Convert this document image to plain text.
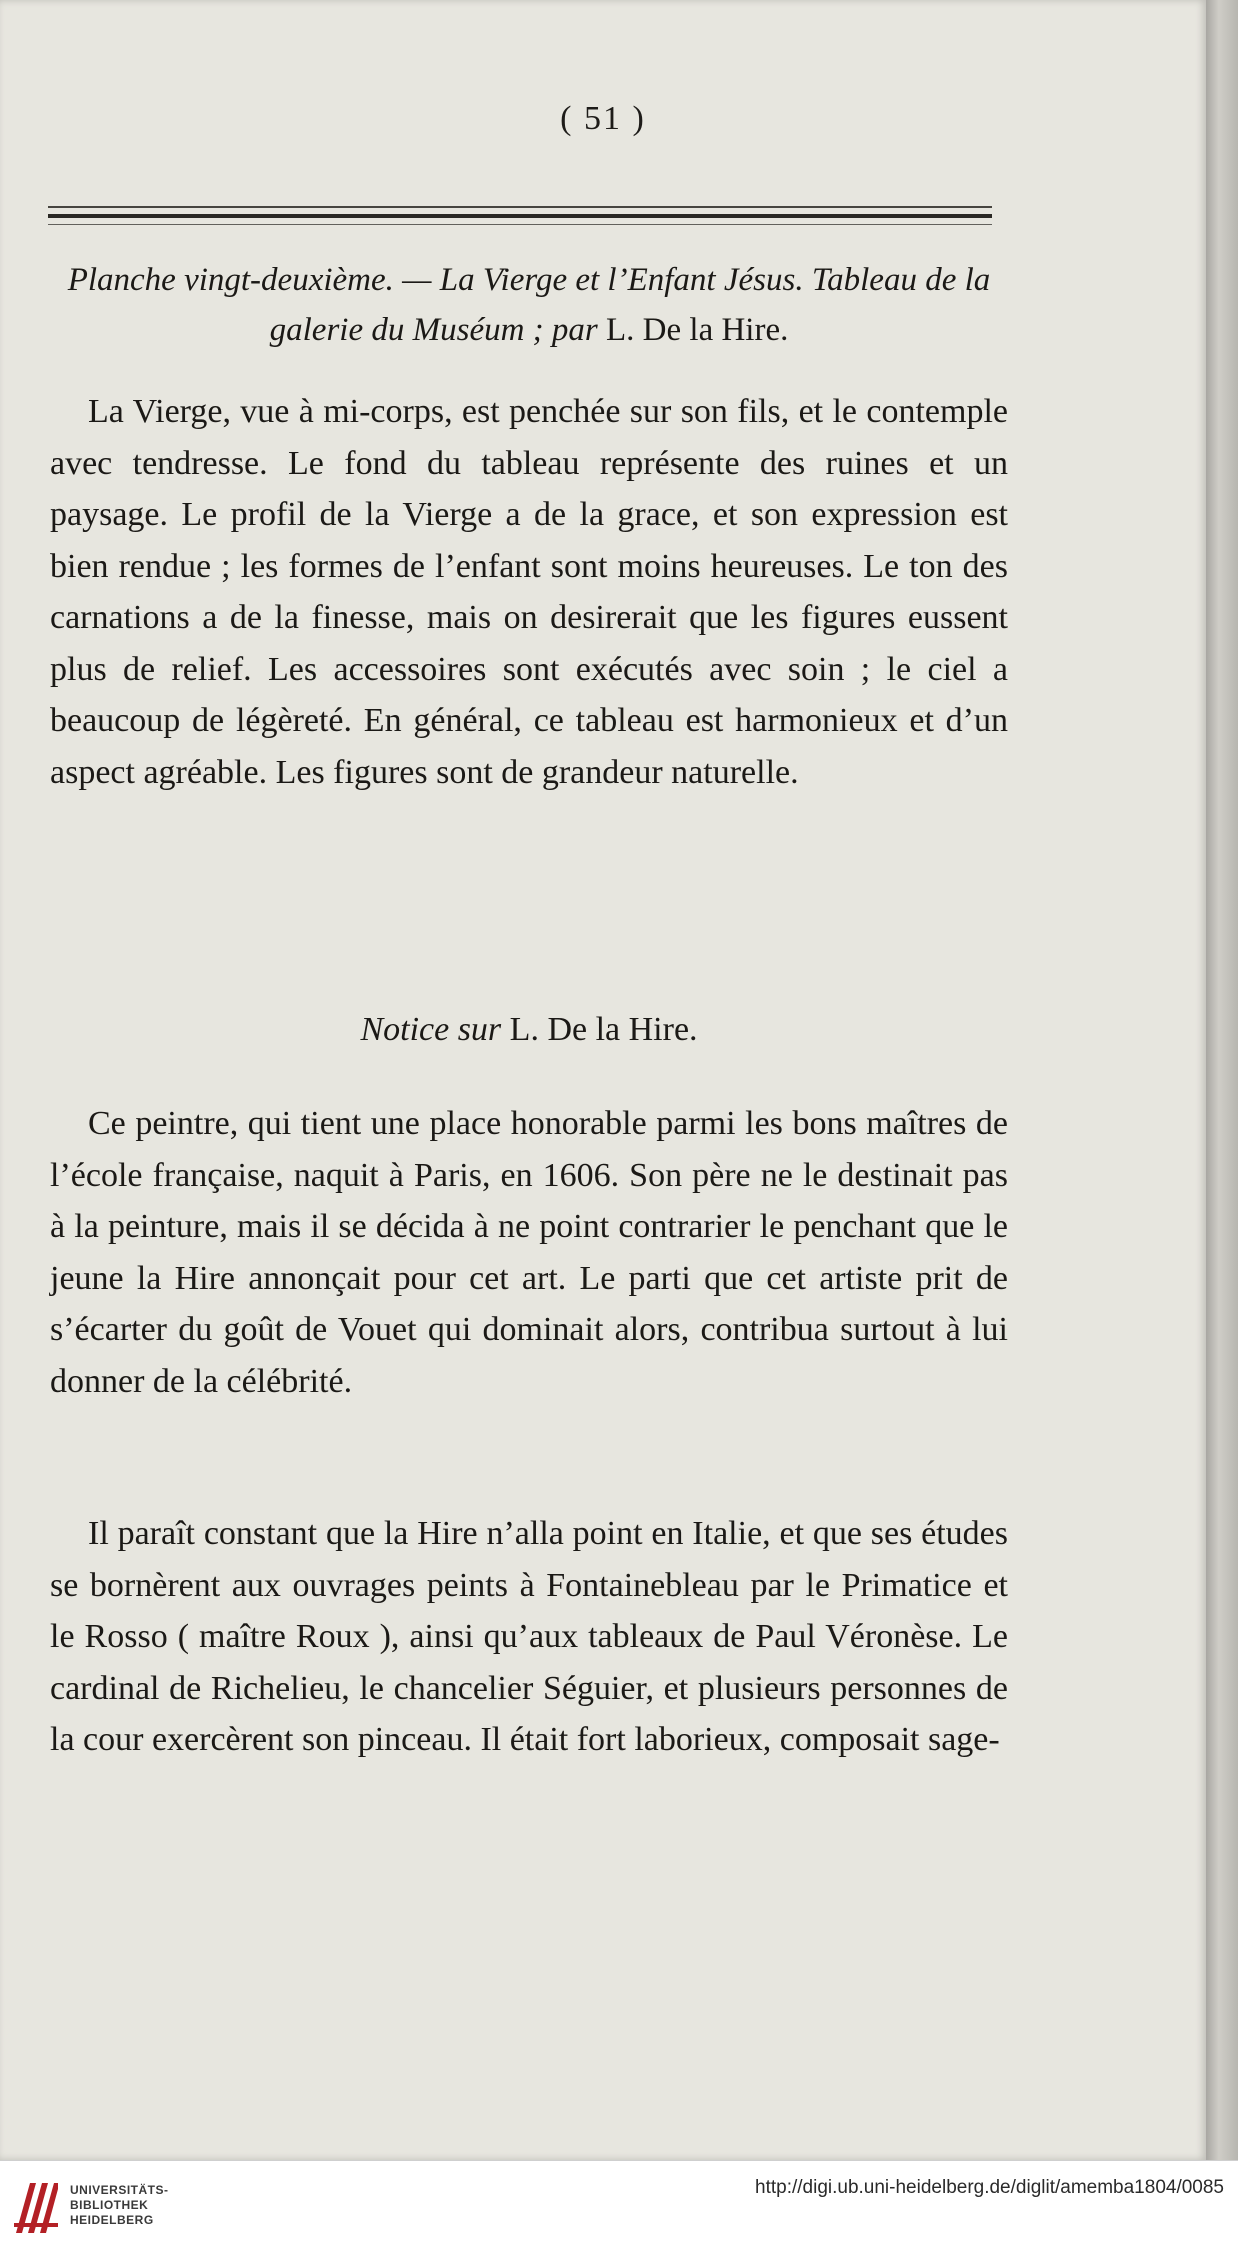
( 51 )
Planche vingt-deuxième. — La Vierge et l’Enfant Jésus. Tableau de la galerie du Muséum ; par L. De la Hire.
La Vierge, vue à mi-corps, est penchée sur son fils, et le contemple avec tendresse. Le fond du tableau représente des ruines et un paysage. Le profil de la Vierge a de la grace, et son expression est bien rendue ; les formes de l’enfant sont moins heureuses. Le ton des carnations a de la finesse, mais on desirerait que les figures eussent plus de relief. Les accessoires sont exécutés avec soin ; le ciel a beaucoup de légèreté. En général, ce tableau est harmonieux et d’un aspect agréable. Les figures sont de grandeur naturelle.
Notice sur L. De la Hire.
Ce peintre, qui tient une place honorable parmi les bons maîtres de l’école française, naquit à Paris, en 1606. Son père ne le destinait pas à la peinture, mais il se décida à ne point contrarier le penchant que le jeune la Hire annonçait pour cet art. Le parti que cet artiste prit de s’écarter du goût de Vouet qui dominait alors, contribua surtout à lui donner de la célébrité.
Il paraît constant que la Hire n’alla point en Italie, et que ses études se bornèrent aux ouvrages peints à Fontainebleau par le Primatice et le Rosso ( maître Roux ), ainsi qu’aux tableaux de Paul Véronèse. Le cardinal de Richelieu, le chancelier Séguier, et plusieurs personnes de la cour exercèrent son pinceau. Il était fort laborieux, composait sage-
UNIVERSITÄTS-
BIBLIOTHEK
HEIDELBERG
http://digi.ub.uni-heidelberg.de/diglit/amemba1804/0085
